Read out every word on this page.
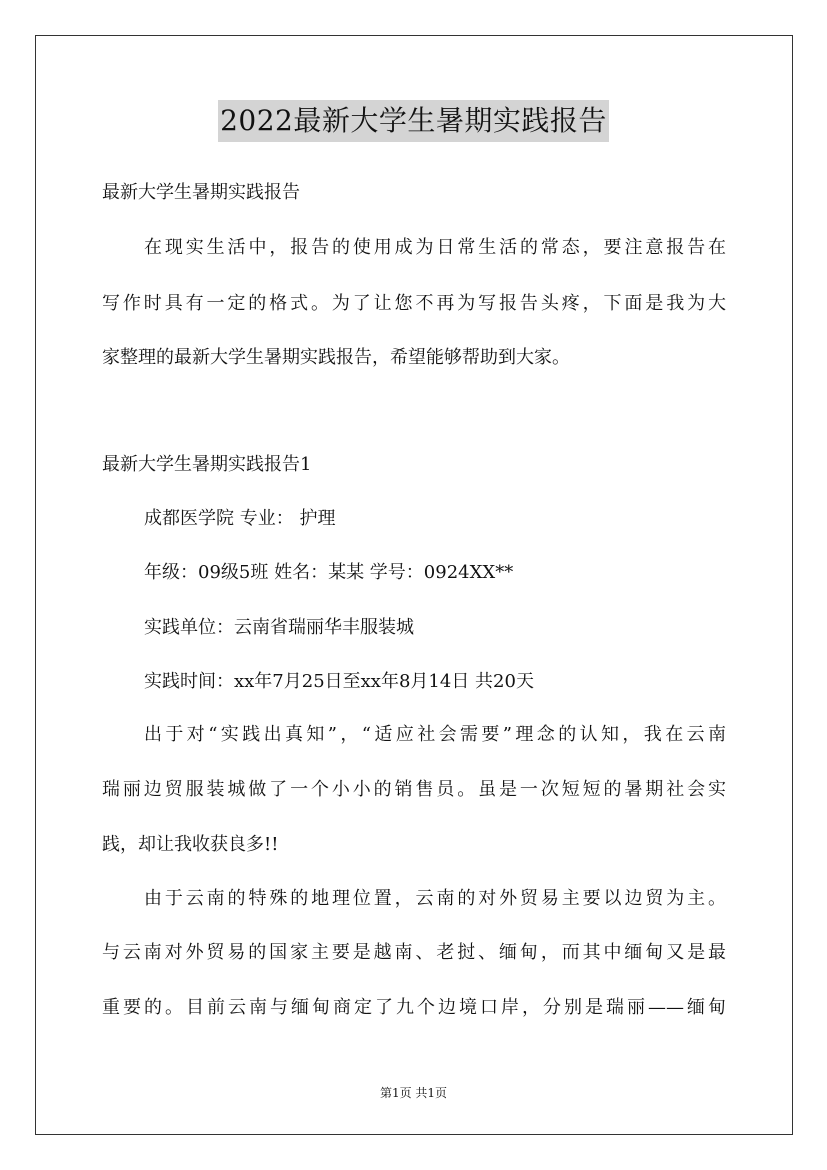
2022最新大学生暑期实践报告
最新大学生暑期实践报告
在现实生活中，报告的使用成为日常生活的常态，要注意报告在
写作时具有一定的格式。为了让您不再为写报告头疼，下面是我为大
家整理的最新大学生暑期实践报告，希望能够帮助到大家。
最新大学生暑期实践报告1
成都医学院 专业： 护理
年级：09级5班 姓名：某某 学号：0924XX**
实践单位：云南省瑞丽华丰服装城
实践时间：xx年7月25日至xx年8月14日 共20天
出于对“实践出真知”，“适应社会需要”理念的认知，我在云南
瑞丽边贸服装城做了一个小小的销售员。虽是一次短短的暑期社会实
践，却让我收获良多!!
由于云南的特殊的地理位置，云南的对外贸易主要以边贸为主。
与云南对外贸易的国家主要是越南、老挝、缅甸，而其中缅甸又是最
重要的。目前云南与缅甸商定了九个边境口岸，分别是瑞丽——缅甸
第1页 共1页
